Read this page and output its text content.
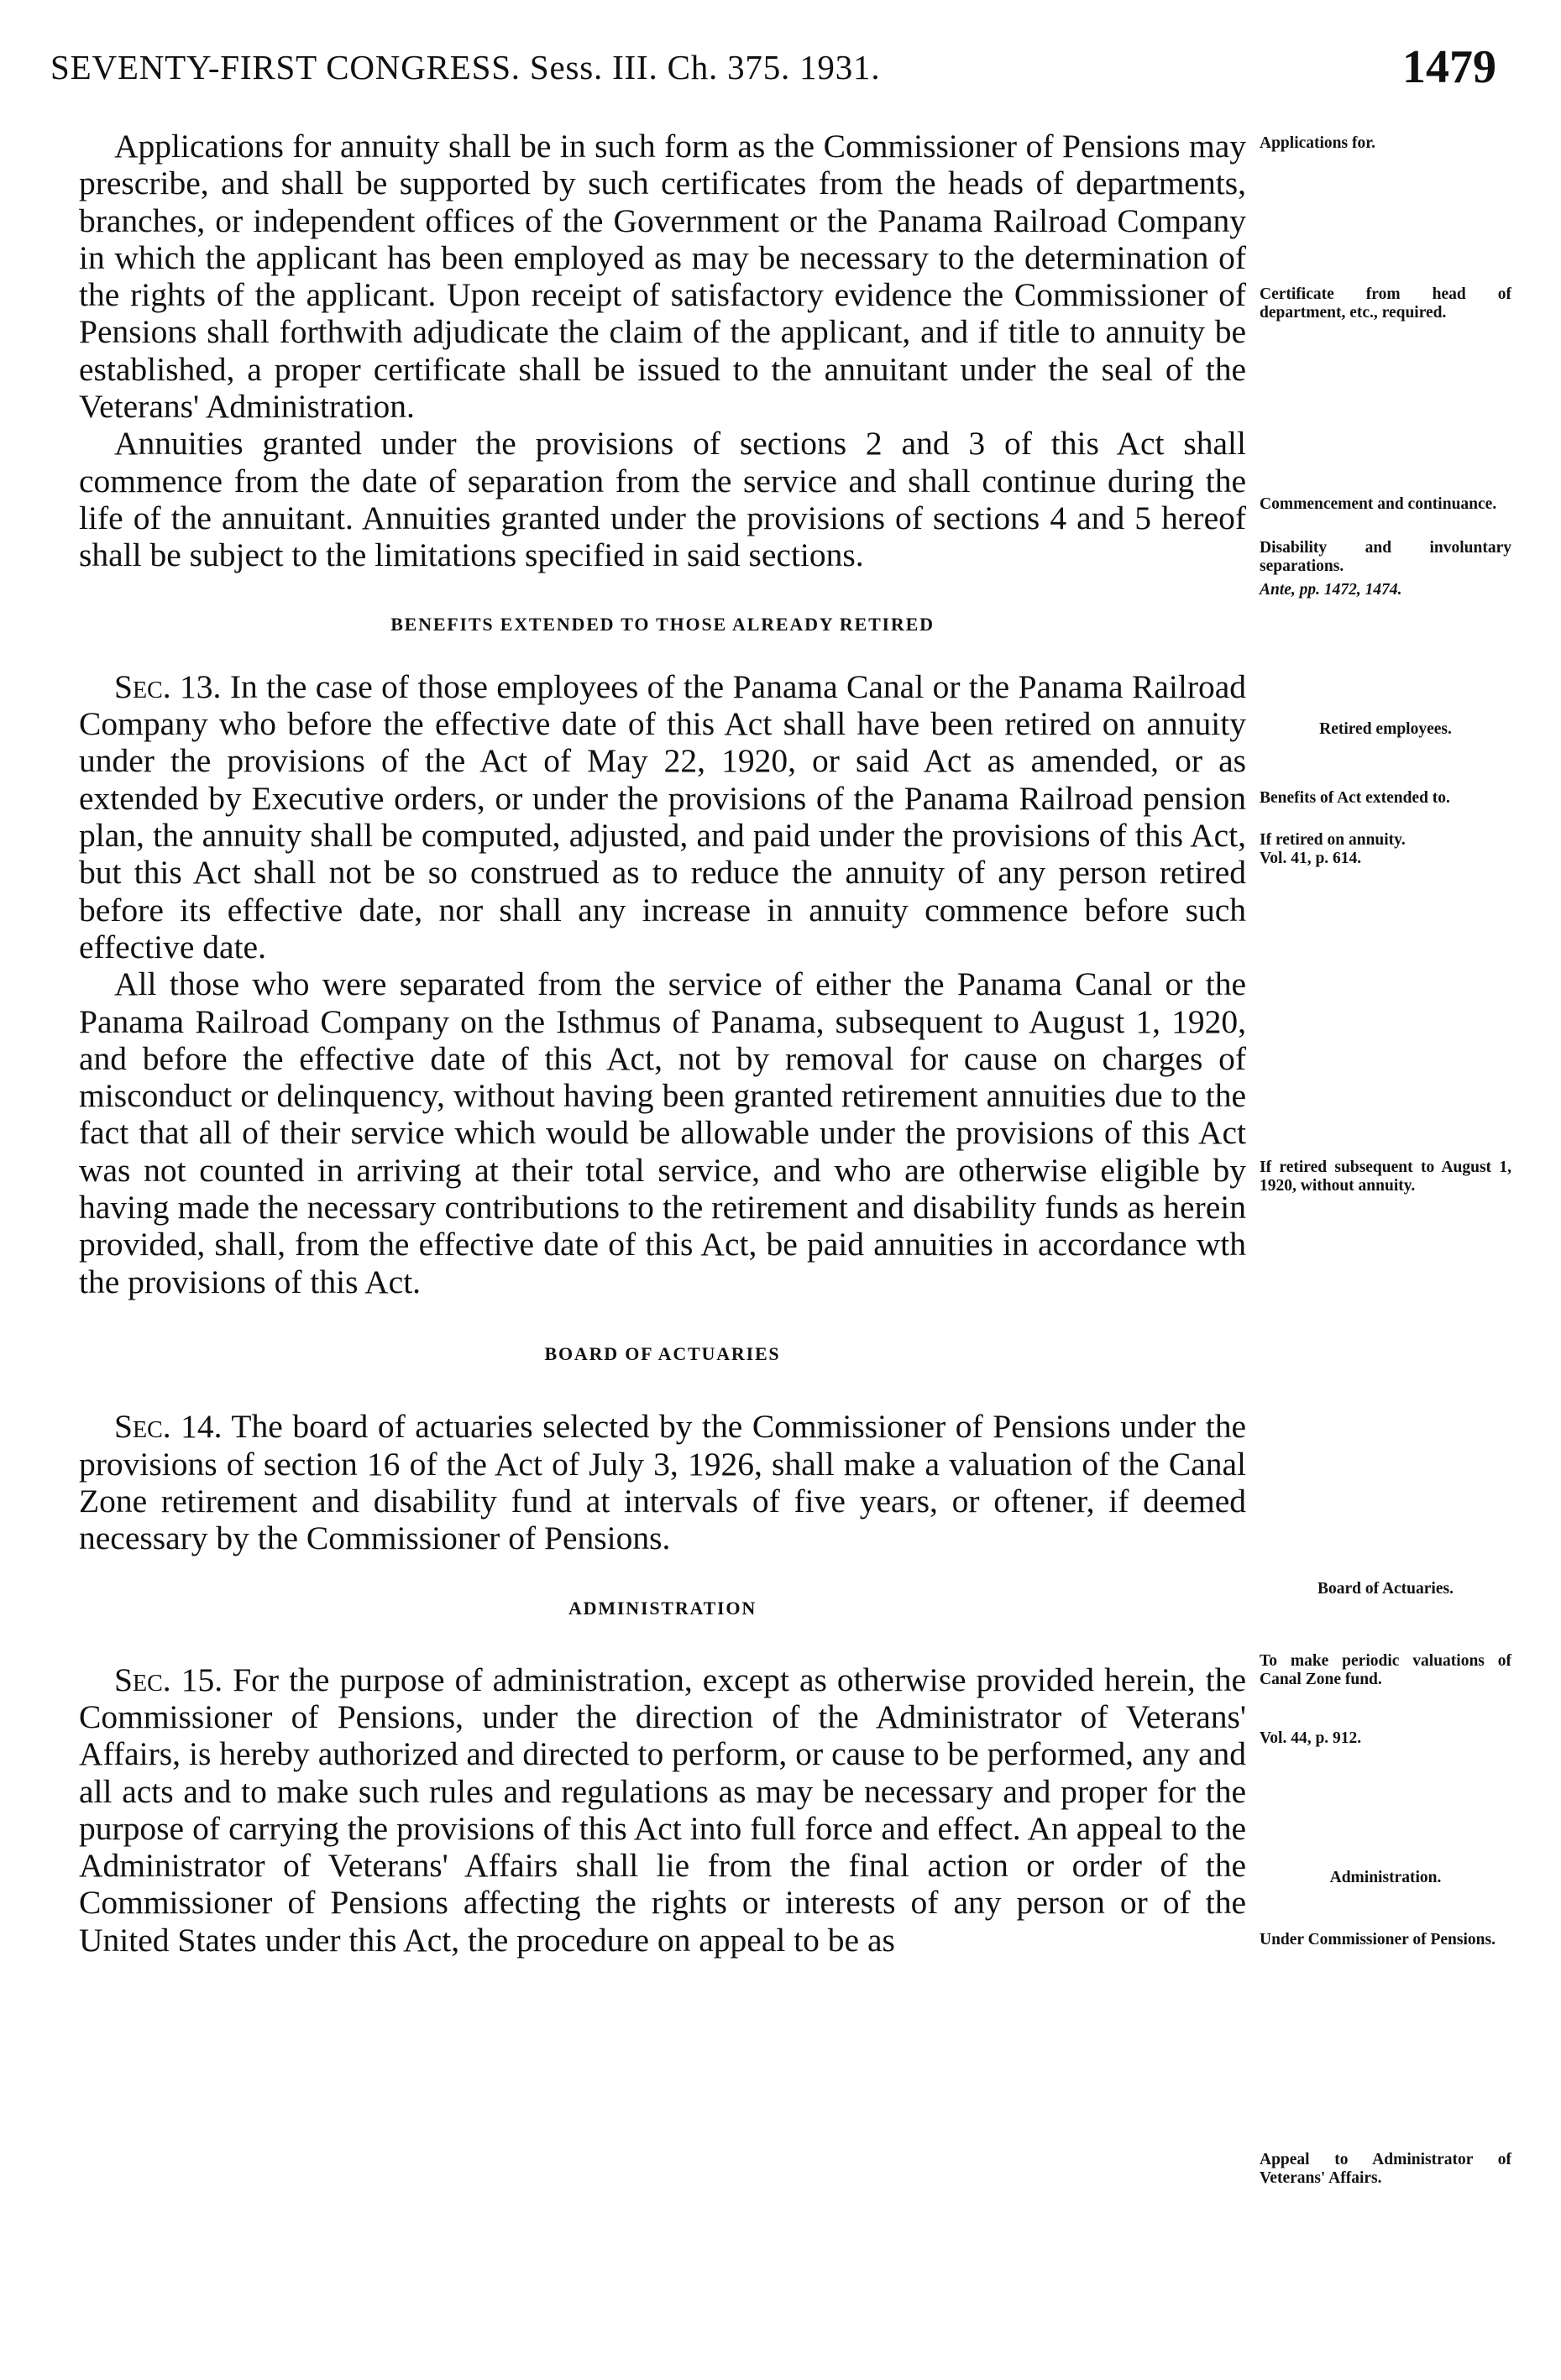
SEVENTY-FIRST CONGRESS. Sess. III. Ch. 375. 1931.	1479

Applications for annuity shall be in such form as the Commissioner of Pensions may prescribe, and shall be supported by such certificates from the heads of departments, branches, or independent offices of the Government or the Panama Railroad Company in which the applicant has been employed as may be necessary to the determination of the rights of the applicant. Upon receipt of satisfactory evidence the Commissioner of Pensions shall forthwith adjudicate the claim of the applicant, and if title to annuity be established, a proper certificate shall be issued to the annuitant under the seal of the Veterans' Administration.

Annuities granted under the provisions of sections 2 and 3 of this Act shall commence from the date of separation from the service and shall continue during the life of the annuitant. Annuities granted under the provisions of sections 4 and 5 hereof shall be subject to the limitations specified in said sections.

BENEFITS EXTENDED TO THOSE ALREADY RETIRED

Sec. 13. In the case of those employees of the Panama Canal or the Panama Railroad Company who before the effective date of this Act shall have been retired on annuity under the provisions of the Act of May 22, 1920, or said Act as amended, or as extended by Executive orders, or under the provisions of the Panama Railroad pension plan, the annuity shall be computed, adjusted, and paid under the provisions of this Act, but this Act shall not be so construed as to reduce the annuity of any person retired before its effective date, nor shall any increase in annuity commence before such effective date.

All those who were separated from the service of either the Panama Canal or the Panama Railroad Company on the Isthmus of Panama, subsequent to August 1, 1920, and before the effective date of this Act, not by removal for cause on charges of misconduct or delinquency, without having been granted retirement annuities due to the fact that all of their service which would be allowable under the provisions of this Act was not counted in arriving at their total service, and who are otherwise eligible by having made the necessary contributions to the retirement and disability funds as herein provided, shall, from the effective date of this Act, be paid annuities in accordance wth the provisions of this Act.

BOARD OF ACTUARIES

Sec. 14. The board of actuaries selected by the Commissioner of Pensions under the provisions of section 16 of the Act of July 3, 1926, shall make a valuation of the Canal Zone retirement and disability fund at intervals of five years, or oftener, if deemed necessary by the Commissioner of Pensions.

ADMINISTRATION

Sec. 15. For the purpose of administration, except as otherwise provided herein, the Commissioner of Pensions, under the direction of the Administrator of Veterans' Affairs, is hereby authorized and directed to perform, or cause to be performed, any and all acts and to make such rules and regulations as may be necessary and proper for the purpose of carrying the provisions of this Act into full force and effect. An appeal to the Administrator of Veterans' Affairs shall lie from the final action or order of the Commissioner of Pensions affecting the rights or interests of any person or of the United States under this Act, the procedure on appeal to be as

Applications for.
Certificate from head of department, etc., required.
Commencement and continuance.
Disability and involuntary separations.
Ante, pp. 1472, 1474.
Retired employees.
Benefits of Act extended to.
If retired on annuity.
Vol. 41, p. 614.
If retired subsequent to August 1, 1920, without annuity.
Board of Actuaries.
To make periodic valuations of Canal Zone fund.
Vol. 44, p. 912.
Administration.
Under Commissioner of Pensions.
Appeal to Administrator of Veterans' Affairs.
